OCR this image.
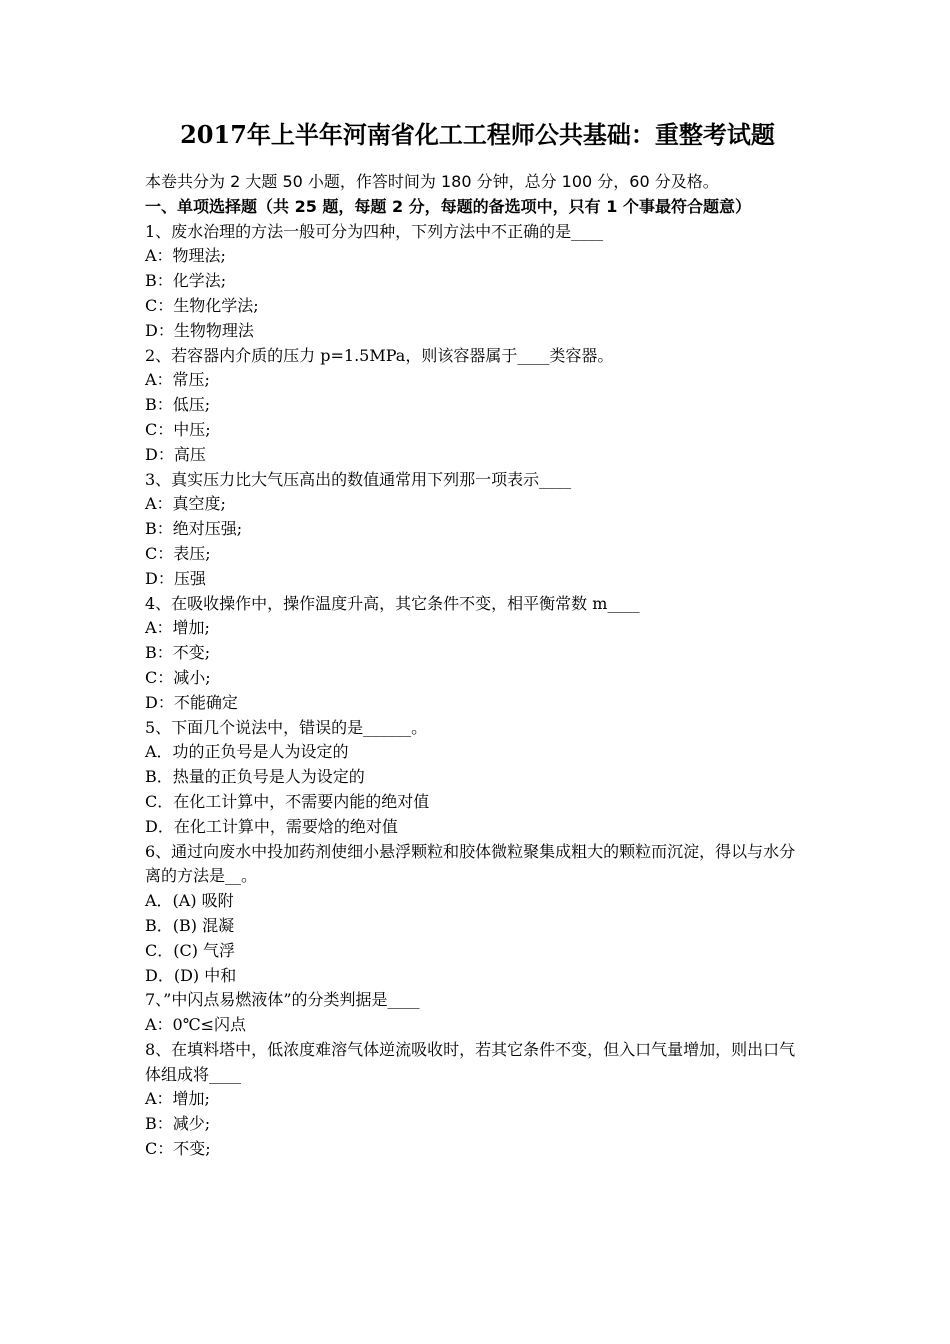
2017年上半年河南省化工工程师公共基础：重整考试题
本卷共分为 2 大题 50 小题，作答时间为 180 分钟，总分 100 分，60 分及格。
一、单项选择题（共 25 题，每题 2 分，每题的备选项中，只有 1 个事最符合题意）
1、废水治理的方法一般可分为四种，下列方法中不正确的是____
A：物理法;
B：化学法;
C：生物化学法;
D：生物物理法
2、若容器内介质的压力 p=1.5MPa，则该容器属于____类容器。
A：常压;
B：低压;
C：中压;
D：高压
3、真实压力比大气压高出的数值通常用下列那一项表示____
A：真空度;
B：绝对压强;
C：表压;
D：压强
4、在吸收操作中，操作温度升高，其它条件不变，相平衡常数 m____
A：增加;
B：不变;
C：减小;
D：不能确定
5、下面几个说法中，错误的是______。
A．功的正负号是人为设定的
B．热量的正负号是人为设定的
C．在化工计算中，不需要内能的绝对值
D．在化工计算中，需要焓的绝对值
6、通过向废水中投加药剂使细小悬浮颗粒和胶体微粒聚集成粗大的颗粒而沉淀，得以与水分离的方法是__。
A．(A) 吸附
B．(B) 混凝
C．(C) 气浮
D．(D) 中和
7、”中闪点易燃液体”的分类判据是____
A：0℃≤闪点
8、在填料塔中，低浓度难溶气体逆流吸收时，若其它条件不变，但入口气量增加，则出口气体组成将____
A：增加;
B：减少;
C：不变;
